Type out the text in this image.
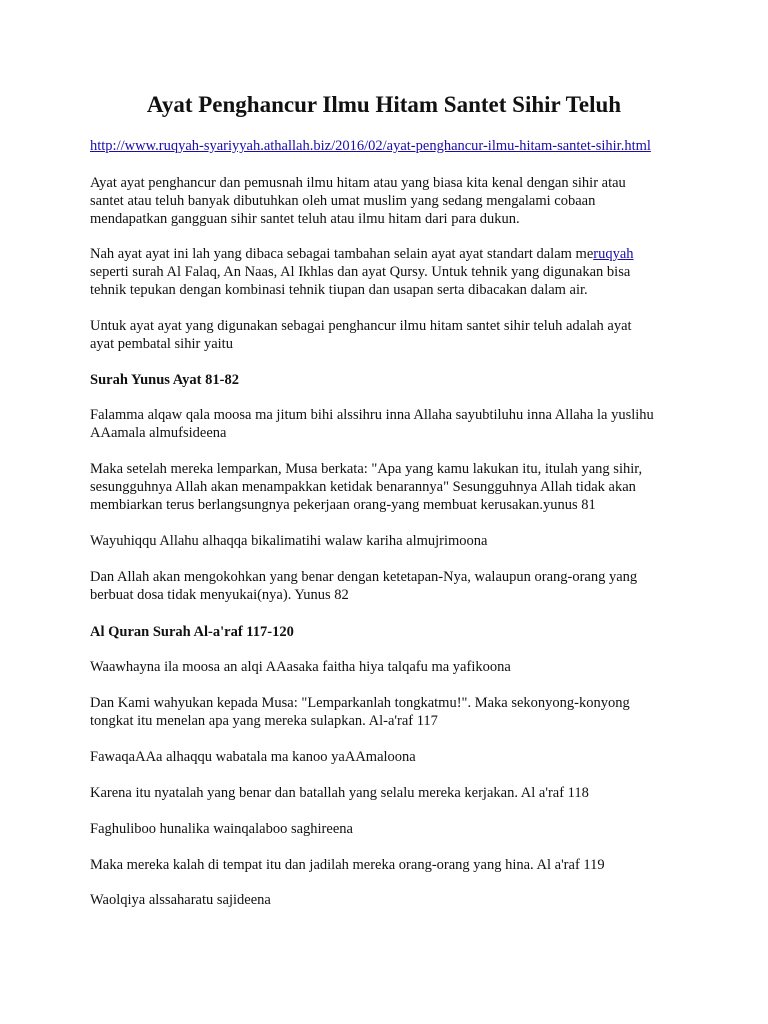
Ayat Penghancur Ilmu Hitam Santet Sihir Teluh
http://www.ruqyah-syariyyah.athallah.biz/2016/02/ayat-penghancur-ilmu-hitam-santet-sihir.html

Ayat ayat penghancur dan pemusnah ilmu hitam atau yang biasa kita kenal dengan sihir atau
santet atau teluh banyak dibutuhkan oleh umat muslim yang sedang mengalami cobaan
mendapatkan gangguan sihir santet teluh atau ilmu hitam dari para dukun.

Nah ayat ayat ini lah yang dibaca sebagai tambahan selain ayat ayat standart dalam meruqyah
seperti surah Al Falaq, An Naas, Al Ikhlas dan ayat Qursy. Untuk tehnik yang digunakan bisa
tehnik tepukan dengan kombinasi tehnik tiupan dan usapan serta dibacakan dalam air.

Untuk ayat ayat yang digunakan sebagai penghancur ilmu hitam santet sihir teluh adalah ayat
ayat pembatal sihir yaitu

Surah Yunus Ayat 81-82

Falamma alqaw qala moosa ma jitum bihi alssihru inna Allaha sayubtiluhu inna Allaha la yuslihu
AAamala almufsideena

Maka setelah mereka lemparkan, Musa berkata: "Apa yang kamu lakukan itu, itulah yang sihir,
sesungguhnya Allah akan menampakkan ketidak benarannya" Sesungguhnya Allah tidak akan
membiarkan terus berlangsungnya pekerjaan orang-yang membuat kerusakan.yunus 81

Wayuhiqqu Allahu alhaqqa bikalimatihi walaw kariha almujrimoona

Dan Allah akan mengokohkan yang benar dengan ketetapan-Nya, walaupun orang-orang yang
berbuat dosa tidak menyukai(nya). Yunus 82

Al Quran Surah Al-a'raf 117-120

Waawhayna ila moosa an alqi AAasaka faitha hiya talqafu ma yafikoona

Dan Kami wahyukan kepada Musa: "Lemparkanlah tongkatmu!". Maka sekonyong-konyong
tongkat itu menelan apa yang mereka sulapkan. Al-a'raf 117

FawaqaAAa alhaqqu wabatala ma kanoo yaAAmaloona

Karena itu nyatalah yang benar dan batallah yang selalu mereka kerjakan. Al a'raf 118

Faghuliboo hunalika wainqalaboo saghireena

Maka mereka kalah di tempat itu dan jadilah mereka orang-orang yang hina. Al a'raf 119

Waolqiya alssaharatu sajideena
